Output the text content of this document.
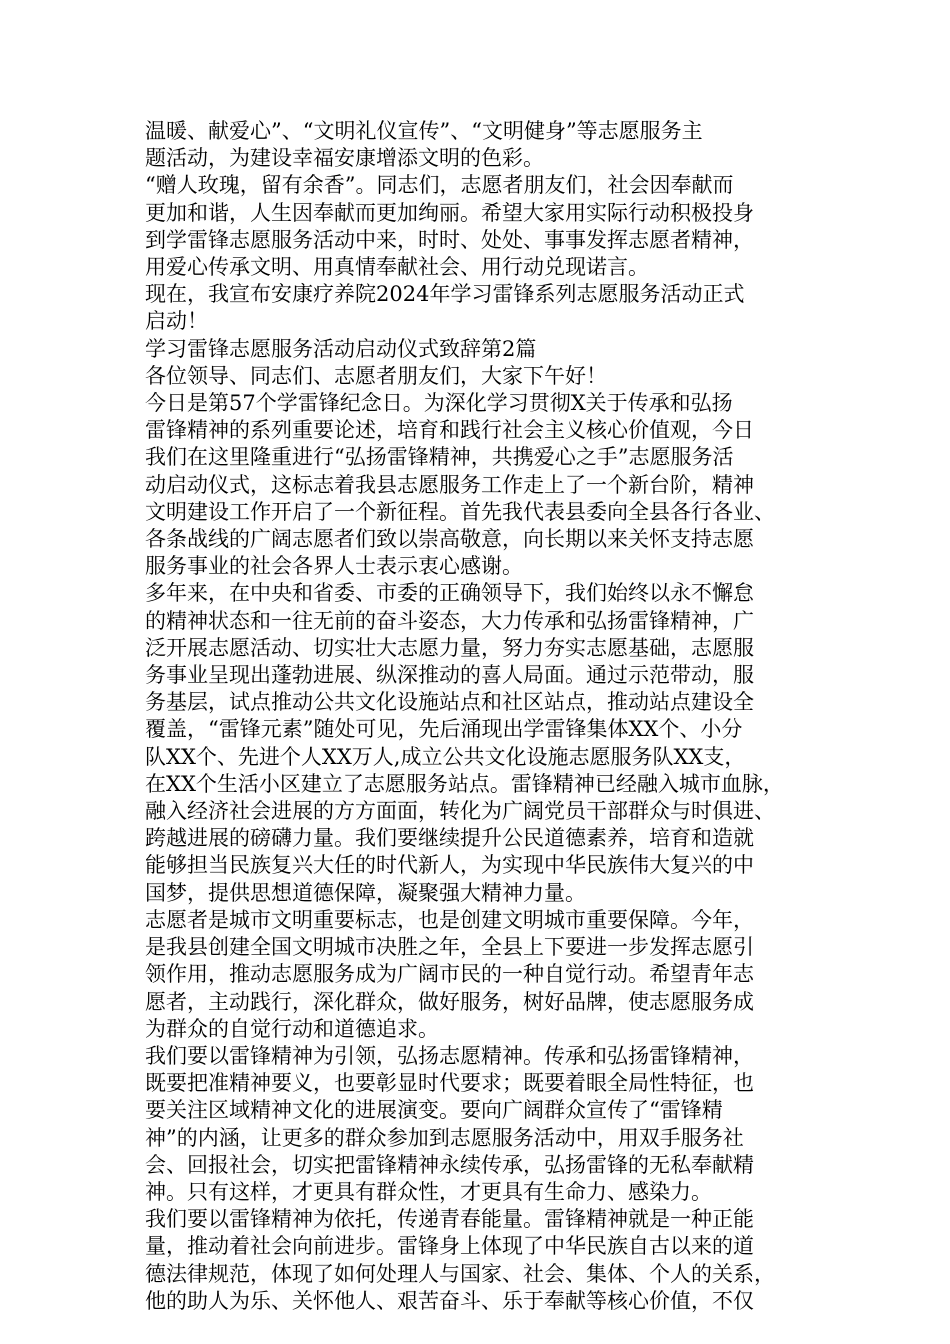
温暖、献爱心”、“文明礼仪宣传”、“文明健身”等志愿服务主
题活动，为建设幸福安康增添文明的色彩。
“赠人玫瑰，留有余香”。同志们，志愿者朋友们，社会因奉献而
更加和谐，人生因奉献而更加绚丽。希望大家用实际行动积极投身
到学雷锋志愿服务活动中来，时时、处处、事事发挥志愿者精神，
用爱心传承文明、用真情奉献社会、用行动兑现诺言。
现在，我宣布安康疗养院2024年学习雷锋系列志愿服务活动正式
启动！
学习雷锋志愿服务活动启动仪式致辞第2篇
各位领导、同志们、志愿者朋友们，大家下午好！
今日是第57个学雷锋纪念日。为深化学习贯彻X关于传承和弘扬
雷锋精神的系列重要论述，培育和践行社会主义核心价值观，今日
我们在这里隆重进行“弘扬雷锋精神，共携爱心之手”志愿服务活
动启动仪式，这标志着我县志愿服务工作走上了一个新台阶，精神
文明建设工作开启了一个新征程。首先我代表县委向全县各行各业、
各条战线的广阔志愿者们致以崇高敬意，向长期以来关怀支持志愿
服务事业的社会各界人士表示衷心感谢。
多年来，在中央和省委、市委的正确领导下，我们始终以永不懈怠
的精神状态和一往无前的奋斗姿态，大力传承和弘扬雷锋精神，广
泛开展志愿活动、切实壮大志愿力量，努力夯实志愿基础，志愿服
务事业呈现出蓬勃进展、纵深推动的喜人局面。通过示范带动，服
务基层，试点推动公共文化设施站点和社区站点，推动站点建设全
覆盖，“雷锋元素”随处可见，先后涌现出学雷锋集体XX个、小分
队XX个、先进个人XX万人,成立公共文化设施志愿服务队XX支，
在XX个生活小区建立了志愿服务站点。雷锋精神已经融入城市血脉，
融入经济社会进展的方方面面，转化为广阔党员干部群众与时俱进、
跨越进展的磅礴力量。我们要继续提升公民道德素养，培育和造就
能够担当民族复兴大任的时代新人，为实现中华民族伟大复兴的中
国梦，提供思想道德保障，凝聚强大精神力量。
志愿者是城市文明重要标志，也是创建文明城市重要保障。今年，
是我县创建全国文明城市决胜之年，全县上下要进一步发挥志愿引
领作用，推动志愿服务成为广阔市民的一种自觉行动。希望青年志
愿者，主动践行，深化群众，做好服务，树好品牌，使志愿服务成
为群众的自觉行动和道德追求。
我们要以雷锋精神为引领，弘扬志愿精神。传承和弘扬雷锋精神，
既要把准精神要义，也要彰显时代要求；既要着眼全局性特征，也
要关注区域精神文化的进展演变。要向广阔群众宣传了“雷锋精
神”的内涵，让更多的群众参加到志愿服务活动中，用双手服务社
会、回报社会，切实把雷锋精神永续传承，弘扬雷锋的无私奉献精
神。只有这样，才更具有群众性，才更具有生命力、感染力。
我们要以雷锋精神为依托，传递青春能量。雷锋精神就是一种正能
量，推动着社会向前进步。雷锋身上体现了中华民族自古以来的道
德法律规范，体现了如何处理人与国家、社会、集体、个人的关系，
他的助人为乐、关怀他人、艰苦奋斗、乐于奉献等核心价值，不仅
